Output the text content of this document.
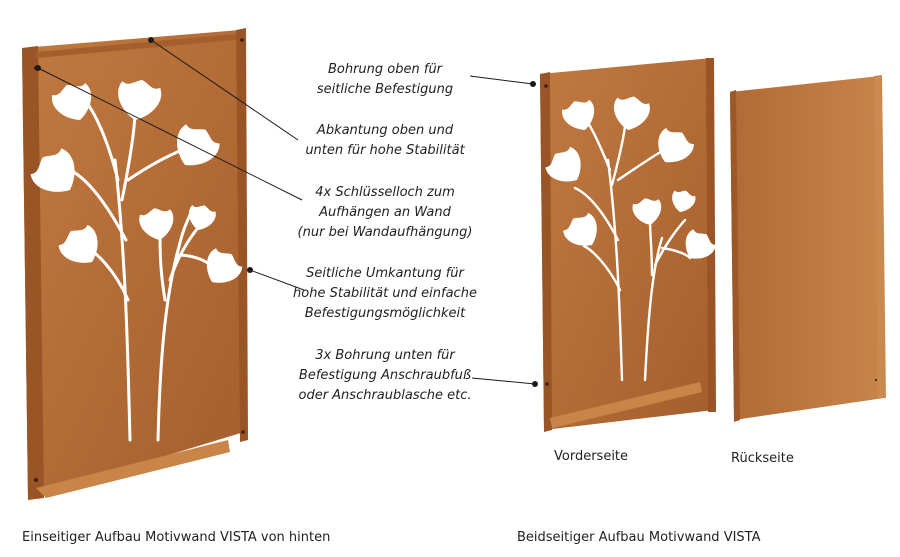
Bohrung oben für
seitliche Befestigung
Abkantung oben und
unten für hohe Stabilität
4x Schlüsselloch zum
Aufhängen an Wand
(nur bei Wandaufhängung)
Seitliche Umkantung für
hohe Stabilität und einfache
Befestigungsmöglichkeit
3x Bohrung unten für
Befestigung Anschraubfuß
oder Anschraublasche etc.
Vorderseite	Rückseite
Einseitiger Aufbau Motivwand VISTA von hinten	Beidseitiger Aufbau Motivwand VISTA
